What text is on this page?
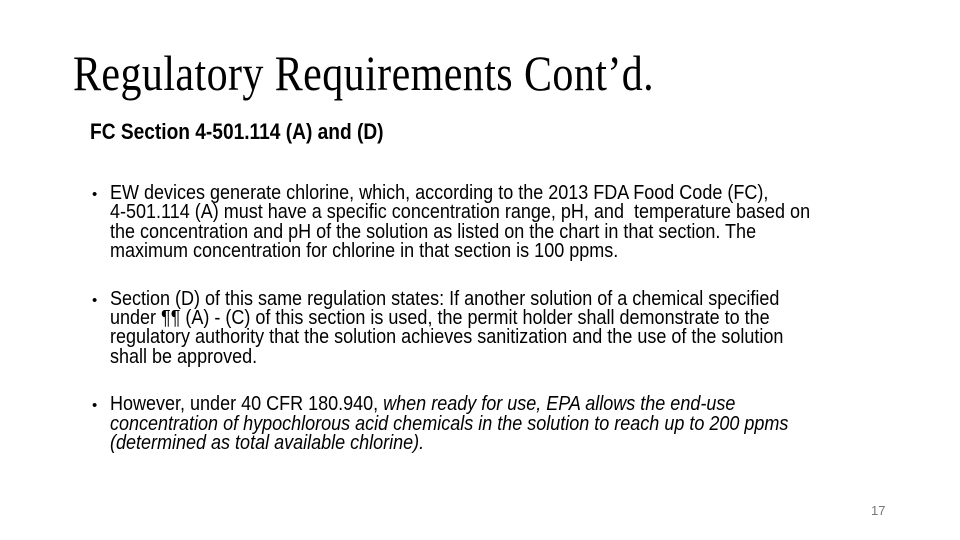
Regulatory Requirements Cont’d.
FC Section 4-501.114 (A) and (D)
• EW devices generate chlorine, which, according to the 2013 FDA Food Code (FC),
4-501.114 (A) must have a specific concentration range, pH, and  temperature based on
the concentration and pH of the solution as listed on the chart in that section. The
maximum concentration for chlorine in that section is 100 ppms.
• Section (D) of this same regulation states: If another solution of a chemical specified
under ¶¶ (A) - (C) of this section is used, the permit holder shall demonstrate to the
regulatory authority that the solution achieves sanitization and the use of the solution
shall be approved.
• However, under 40 CFR 180.940, when ready for use, EPA allows the end-use
concentration of hypochlorous acid chemicals in the solution to reach up to 200 ppms
(determined as total available chlorine).
17
